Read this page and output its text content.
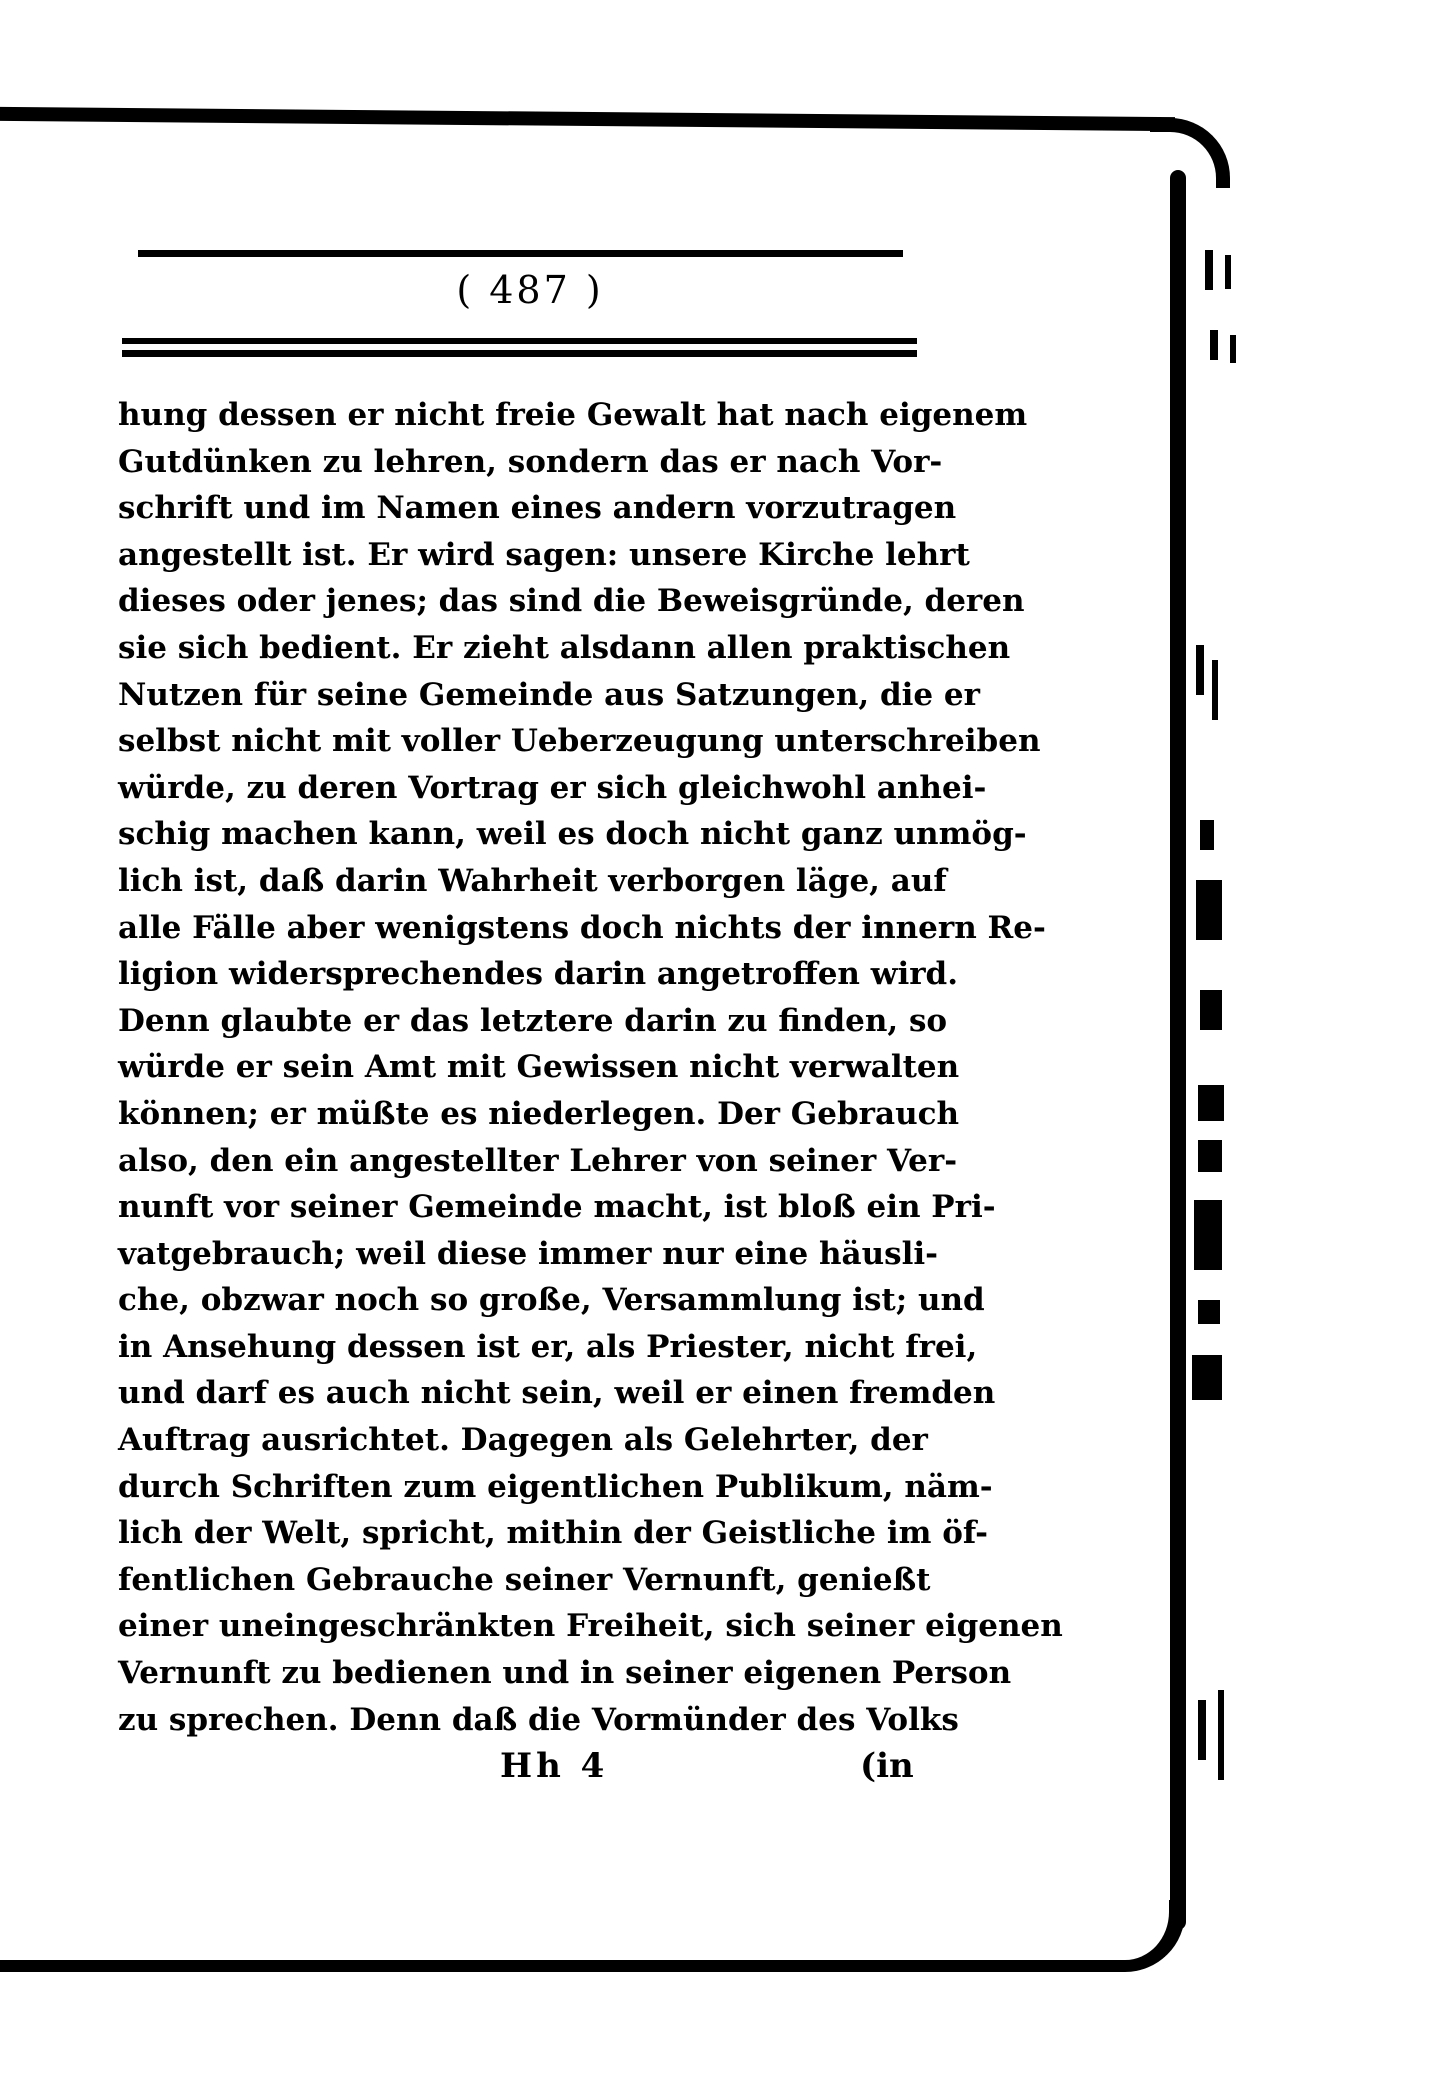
( 487 )
hung dessen er nicht freie Gewalt hat nach eigenem
Gutdünken zu lehren, sondern das er nach Vor-
schrift und im Namen eines andern vorzutragen
angestellt ist. Er wird sagen: unsere Kirche lehrt
dieses oder jenes; das sind die Beweisgründe, deren
sie sich bedient. Er zieht alsdann allen praktischen
Nutzen für seine Gemeinde aus Satzungen, die er
selbst nicht mit voller Ueberzeugung unterschreiben
würde, zu deren Vortrag er sich gleichwohl anhei-
schig machen kann, weil es doch nicht ganz unmög-
lich ist, daß darin Wahrheit verborgen läge, auf
alle Fälle aber wenigstens doch nichts der innern Re-
ligion widersprechendes darin angetroffen wird.
Denn glaubte er das letztere darin zu finden, so
würde er sein Amt mit Gewissen nicht verwalten
können; er müßte es niederlegen. Der Gebrauch
also, den ein angestellter Lehrer von seiner Ver-
nunft vor seiner Gemeinde macht, ist bloß ein Pri-
vatgebrauch; weil diese immer nur eine häusli-
che, obzwar noch so große, Versammlung ist; und
in Ansehung dessen ist er, als Priester, nicht frei,
und darf es auch nicht sein, weil er einen fremden
Auftrag ausrichtet. Dagegen als Gelehrter, der
durch Schriften zum eigentlichen Publikum, näm-
lich der Welt, spricht, mithin der Geistliche im öf-
fentlichen Gebrauche seiner Vernunft, genießt
einer uneingeschränkten Freiheit, sich seiner eigenen
Vernunft zu bedienen und in seiner eigenen Person
zu sprechen. Denn daß die Vormünder des Volks
Hh 4	(in
